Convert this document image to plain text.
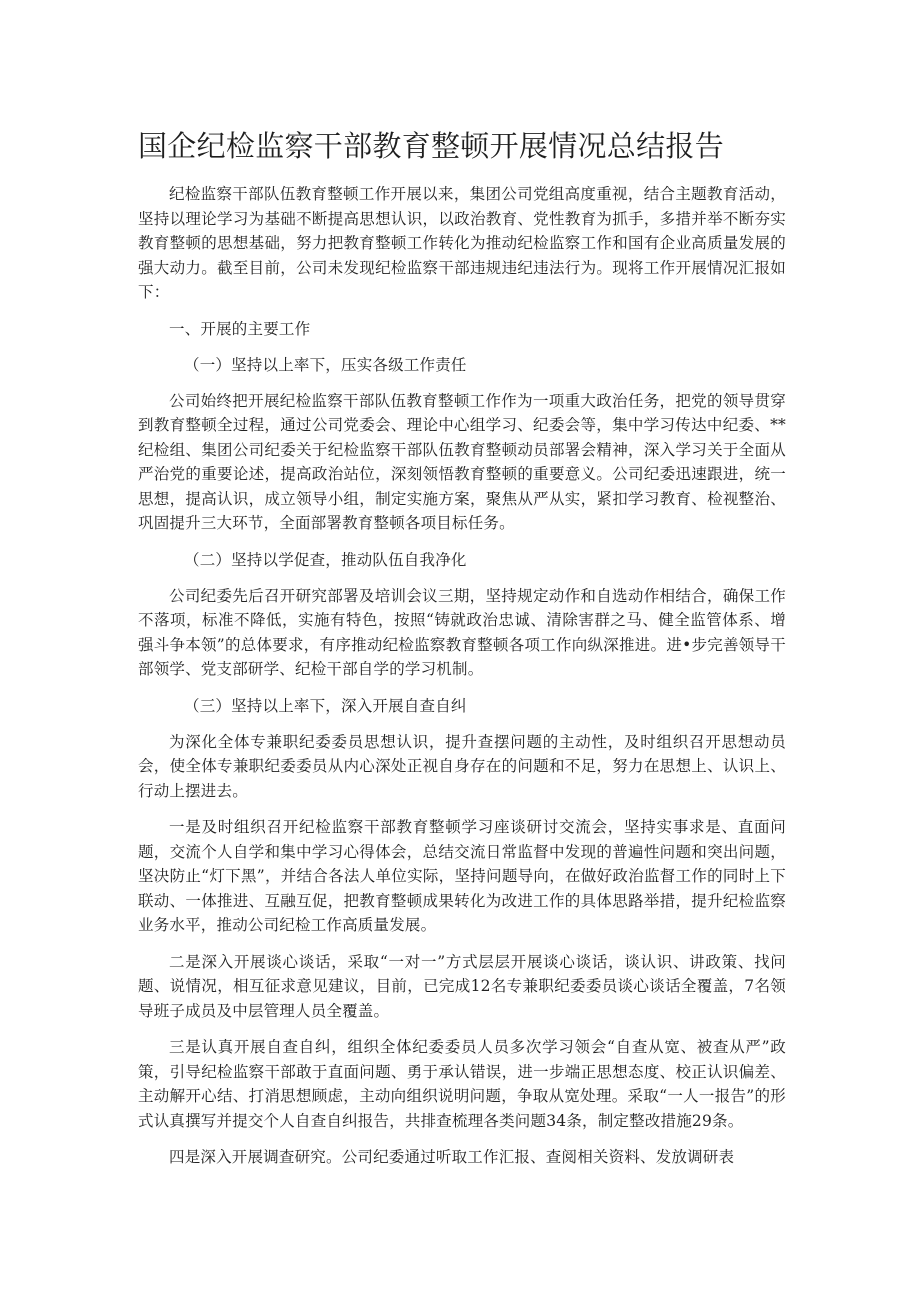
国企纪检监察干部教育整顿开展情况总结报告

纪检监察干部队伍教育整顿工作开展以来，集团公司党组高度重视，结合主题教育活动，坚持以理论学习为基础不断提高思想认识，以政治教育、党性教育为抓手，多措并举不断夯实教育整顿的思想基础，努力把教育整顿工作转化为推动纪检监察工作和国有企业高质量发展的强大动力。截至目前，公司未发现纪检监察干部违规违纪违法行为。现将工作开展情况汇报如下：

一、开展的主要工作

（一）坚持以上率下，压实各级工作责任

公司始终把开展纪检监察干部队伍教育整顿工作作为一项重大政治任务，把党的领导贯穿到教育整顿全过程，通过公司党委会、理论中心组学习、纪委会等，集中学习传达中纪委、**纪检组、集团公司纪委关于纪检监察干部队伍教育整顿动员部署会精神，深入学习关于全面从严治党的重要论述，提高政治站位，深刻领悟教育整顿的重要意义。公司纪委迅速跟进，统一思想，提高认识，成立领导小组，制定实施方案，聚焦从严从实，紧扣学习教育、检视整治、巩固提升三大环节，全面部署教育整顿各项目标任务。

（二）坚持以学促查，推动队伍自我净化

公司纪委先后召开研究部署及培训会议三期，坚持规定动作和自选动作相结合，确保工作不落项，标准不降低，实施有特色，按照“铸就政治忠诚、清除害群之马、健全监管体系、增强斗争本领”的总体要求，有序推动纪检监察教育整顿各项工作向纵深推进。进•步完善领导干部领学、党支部研学、纪检干部自学的学习机制。

（三）坚持以上率下，深入开展自查自纠

为深化全体专兼职纪委委员思想认识，提升查摆问题的主动性，及时组织召开思想动员会，使全体专兼职纪委委员从内心深处正视自身存在的问题和不足，努力在思想上、认识上、行动上摆进去。

一是及时组织召开纪检监察干部教育整顿学习座谈研讨交流会，坚持实事求是、直面问题，交流个人自学和集中学习心得体会，总结交流日常监督中发现的普遍性问题和突出问题，坚决防止“灯下黑”，并结合各法人单位实际，坚持问题导向，在做好政治监督工作的同时上下联动、一体推进、互融互促，把教育整顿成果转化为改进工作的具体思路举措，提升纪检监察业务水平，推动公司纪检工作高质量发展。

二是深入开展谈心谈话，采取“一对一”方式层层开展谈心谈话，谈认识、讲政策、找问题、说情况，相互征求意见建议，目前，已完成12名专兼职纪委委员谈心谈话全覆盖，7名领导班子成员及中层管理人员全覆盖。

三是认真开展自查自纠，组织全体纪委委员人员多次学习领会“自查从宽、被查从严”政策，引导纪检监察干部敢于直面问题、勇于承认错误，进一步端正思想态度、校正认识偏差、主动解开心结、打消思想顾虑，主动向组织说明问题，争取从宽处理。采取“一人一报告”的形式认真撰写并提交个人自查自纠报告，共排查梳理各类问题34条，制定整改措施29条。

四是深入开展调查研究。公司纪委通过听取工作汇报、查阅相关资料、发放调研表
